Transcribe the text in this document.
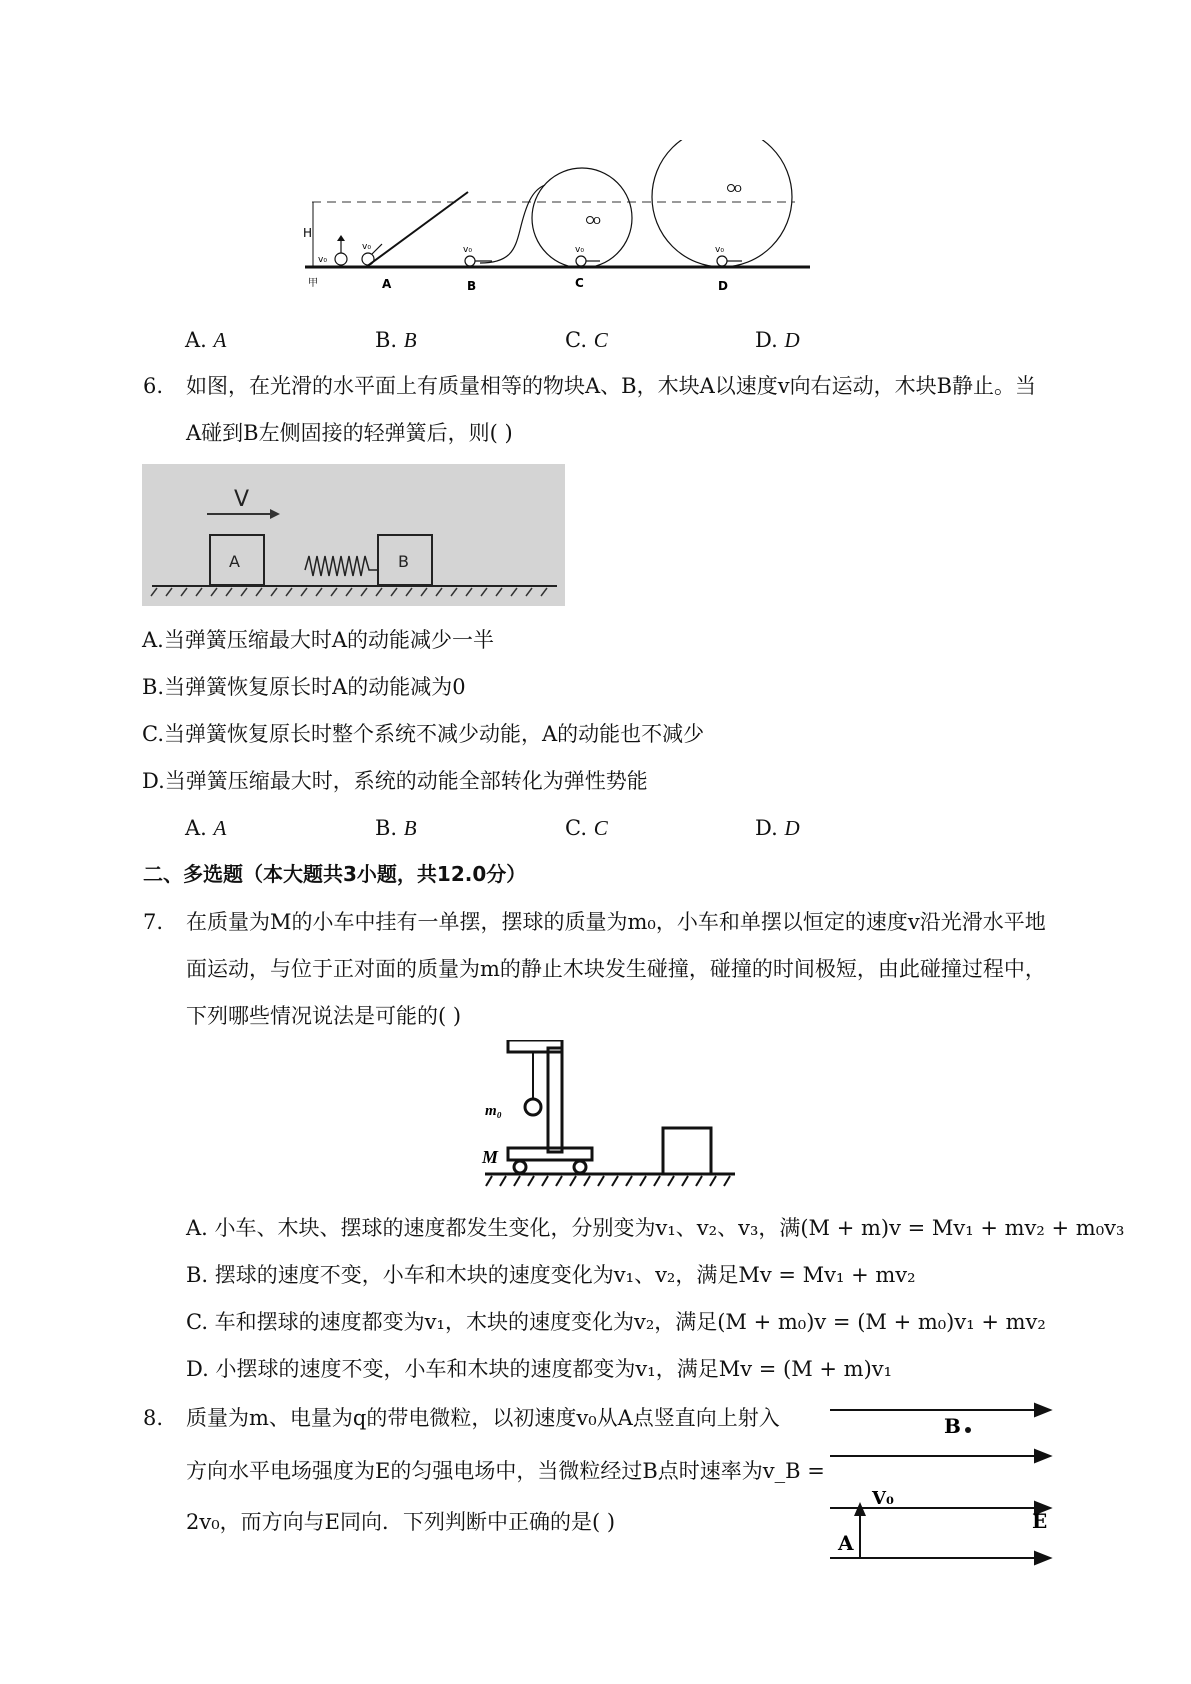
H
v₀
v₀	v₀	v₀	v₀
甲	A	B	C	D
O
O
A. A	B. B	C. C	D. D
6. 如图，在光滑的水平面上有质量相等的物块A、B，木块A以速度v向右运动，木块B静止。当
A碰到B左侧固接的轻弹簧后，则( )
V
A	B
A.当弹簧压缩最大时A的动能减少一半
B.当弹簧恢复原长时A的动能减为0
C.当弹簧恢复原长时整个系统不减少动能，A的动能也不减少
D.当弹簧压缩最大时，系统的动能全部转化为弹性势能
A. A	B. B	C. C	D. D
二、多选题（本大题共3小题，共12.0分）
7. 在质量为M的小车中挂有一单摆，摆球的质量为m₀，小车和单摆以恒定的速度v沿光滑水平地
面运动，与位于正对面的质量为m的静止木块发生碰撞，碰撞的时间极短，由此碰撞过程中，
下列哪些情况说法是可能的( )
m₀
M
A. 小车、木块、摆球的速度都发生变化，分别变为v₁、v₂、v₃，满(M + m)v = Mv₁ + mv₂ + m₀v₃
B. 摆球的速度不变，小车和木块的速度变化为v₁、v₂，满足Mv = Mv₁ + mv₂
C. 车和摆球的速度都变为v₁，木块的速度变化为v₂，满足(M + m₀)v = (M + m₀)v₁ + mv₂
D. 小摆球的速度不变，小车和木块的速度都变为v₁，满足Mv = (M + m)v₁
8. 质量为m、电量为q的带电微粒，以初速度v₀从A点竖直向上射入
方向水平电场强度为E的匀强电场中，当微粒经过B点时速率为v_B =
2v₀，而方向与E同向．下列判断中正确的是( )
B
V₀
A
E
